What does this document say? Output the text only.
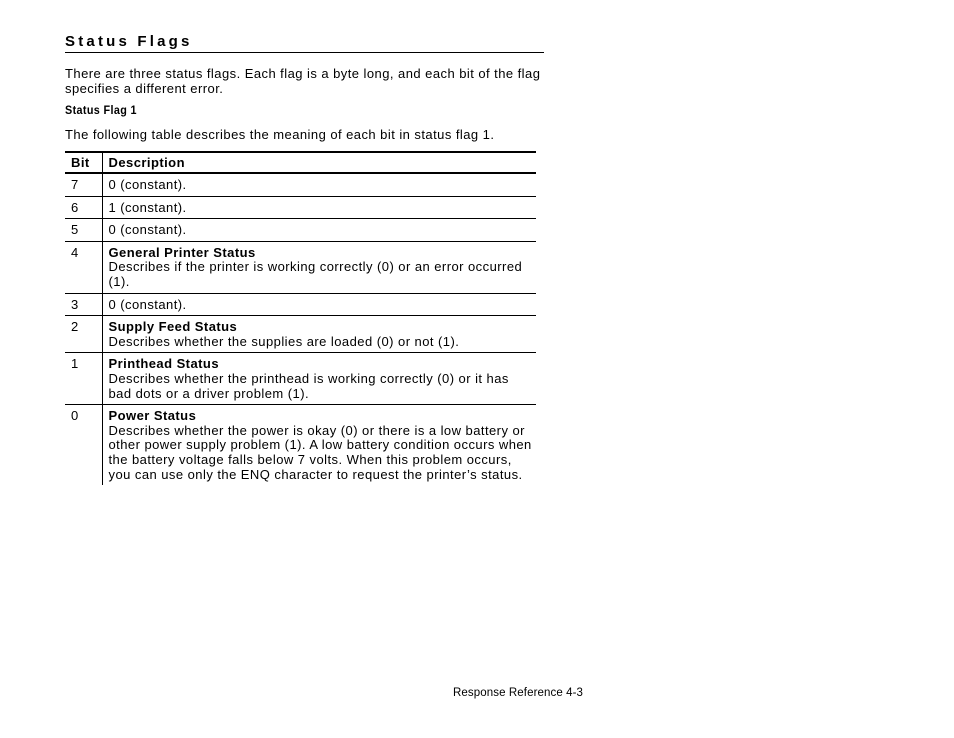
Status Flags

There are three status flags. Each flag is a byte long, and each bit of the flag specifies a different error.

Status Flag 1

The following table describes the meaning of each bit in status flag 1.

Bit	Description
7	0 (constant).

6	1 (constant).

5	0 (constant).

4	General Printer Status
Describes if the printer is working correctly (0) or an error occurred (1).

3	0 (constant).

2	Supply Feed Status
Describes whether the supplies are loaded (0) or not (1).

1	Printhead Status
Describes whether the printhead is working correctly (0) or it has bad dots or a driver problem (1).

0	Power Status
Describes whether the power is okay (0) or there is a low battery or other power supply problem (1). A low battery condition occurs when the battery voltage falls below 7 volts. When this problem occurs, you can use only the ENQ character to request the printer’s status.

Response Reference 4-3
